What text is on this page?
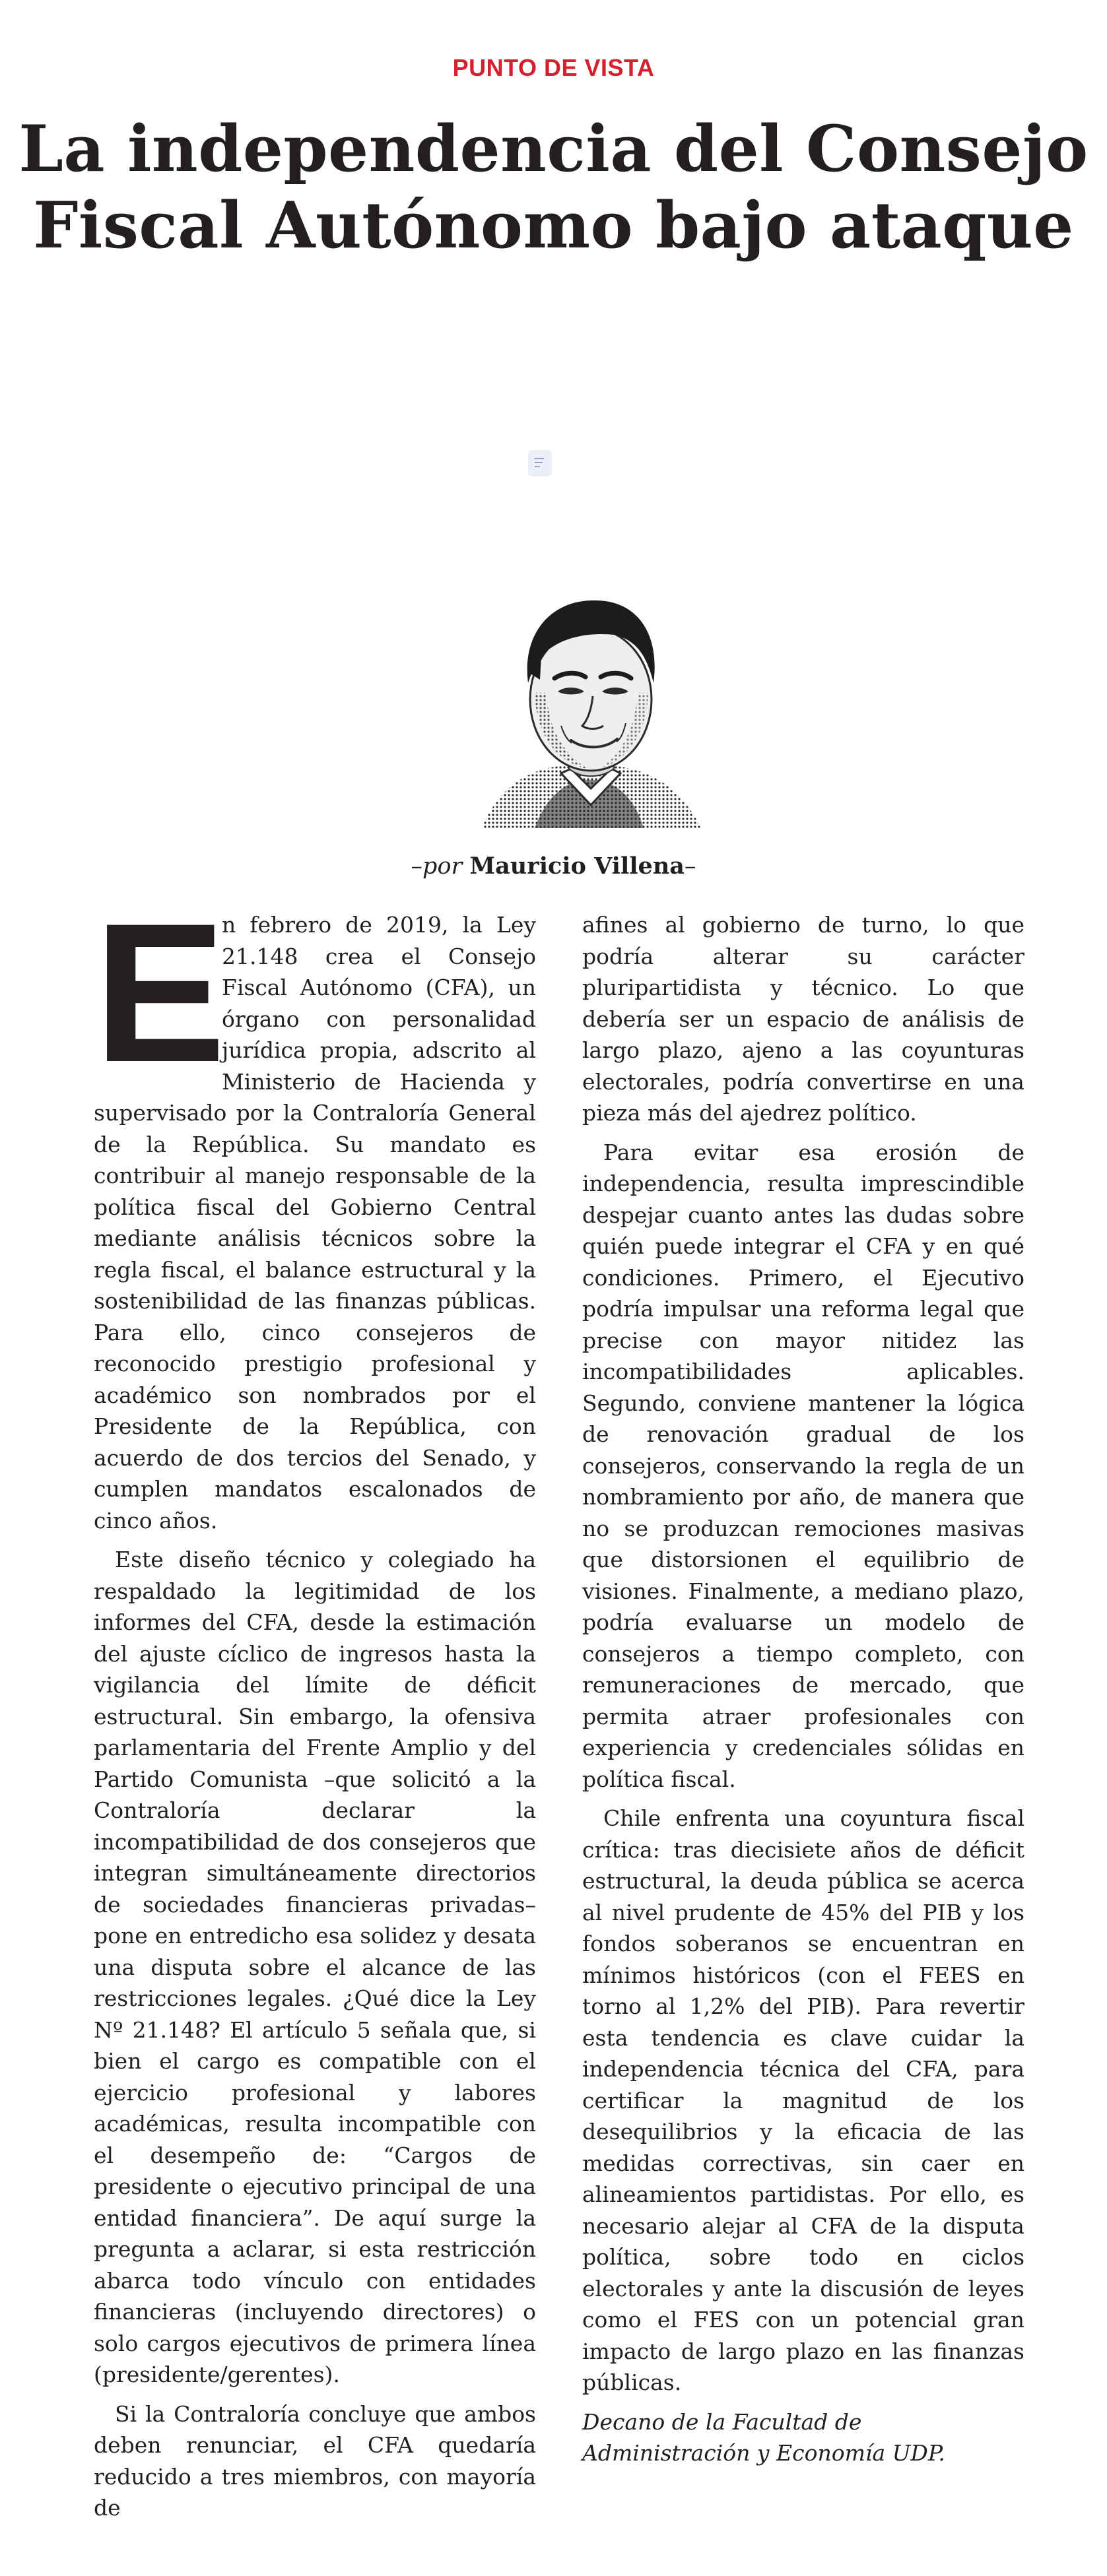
PUNTO DE VISTA
La independencia del Consejo Fiscal Autónomo bajo ataque
–por Mauricio Villena–

E
n febrero de 2019, la Ley 21.148 crea el Consejo Fiscal Autónomo (CFA), un órgano con personalidad jurídica propia, adscrito al Ministerio de Hacienda y supervisado por la Contraloría General de la República. Su mandato es contribuir al manejo responsable de la política fiscal del Gobierno Central mediante análisis técnicos sobre la regla fiscal, el balance estructural y la sostenibilidad de las finanzas públicas. Para ello, cinco consejeros de reconocido prestigio profesional y académico son nombrados por el Presidente de la República, con acuerdo de dos tercios del Senado, y cumplen mandatos escalonados de cinco años.

Este diseño técnico y colegiado ha respaldado la legitimidad de los informes del CFA, desde la estimación del ajuste cíclico de ingresos hasta la vigilancia del límite de déficit estructural. Sin embargo, la ofensiva parlamentaria del Frente Amplio y del Partido Comunista –que solicitó a la Contraloría declarar la incompatibilidad de dos consejeros que integran simultáneamente directorios de sociedades financieras privadas– pone en entredicho esa solidez y desata una disputa sobre el alcance de las restricciones legales. ¿Qué dice la Ley Nº 21.148? El artículo 5 señala que, si bien el cargo es compatible con el ejercicio profesional y labores académicas, resulta incompatible con el desempeño de: “Cargos de presidente o ejecutivo principal de una entidad financiera”. De aquí surge la pregunta a aclarar, si esta restricción abarca todo vínculo con entidades financieras (incluyendo directores) o solo cargos ejecutivos de primera línea (presidente/gerentes).

Si la Contraloría concluye que ambos deben renunciar, el CFA quedaría reducido a tres miembros, con mayoría de

afines al gobierno de turno, lo que podría alterar su carácter pluripartidista y técnico. Lo que debería ser un espacio de análisis de largo plazo, ajeno a las coyunturas electorales, podría convertirse en una pieza más del ajedrez político.

Para evitar esa erosión de independencia, resulta imprescindible despejar cuanto antes las dudas sobre quién puede integrar el CFA y en qué condiciones. Primero, el Ejecutivo podría impulsar una reforma legal que precise con mayor nitidez las incompatibilidades aplicables. Segundo, conviene mantener la lógica de renovación gradual de los consejeros, conservando la regla de un nombramiento por año, de manera que no se produzcan remociones masivas que distorsionen el equilibrio de visiones. Finalmente, a mediano plazo, podría evaluarse un modelo de consejeros a tiempo completo, con remuneraciones de mercado, que permita atraer profesionales con experiencia y credenciales sólidas en política fiscal.

Chile enfrenta una coyuntura fiscal crítica: tras diecisiete años de déficit estructural, la deuda pública se acerca al nivel prudente de 45% del PIB y los fondos soberanos se encuentran en mínimos históricos (con el FEES en torno al 1,2% del PIB). Para revertir esta tendencia es clave cuidar la independencia técnica del CFA, para certificar la magnitud de los desequilibrios y la eficacia de las medidas correctivas, sin caer en alineamientos partidistas. Por ello, es necesario alejar al CFA de la disputa política, sobre todo en ciclos electorales y ante la discusión de leyes como el FES con un potencial gran impacto de largo plazo en las finanzas públicas.

Decano de la Facultad de Administración y Economía UDP.
